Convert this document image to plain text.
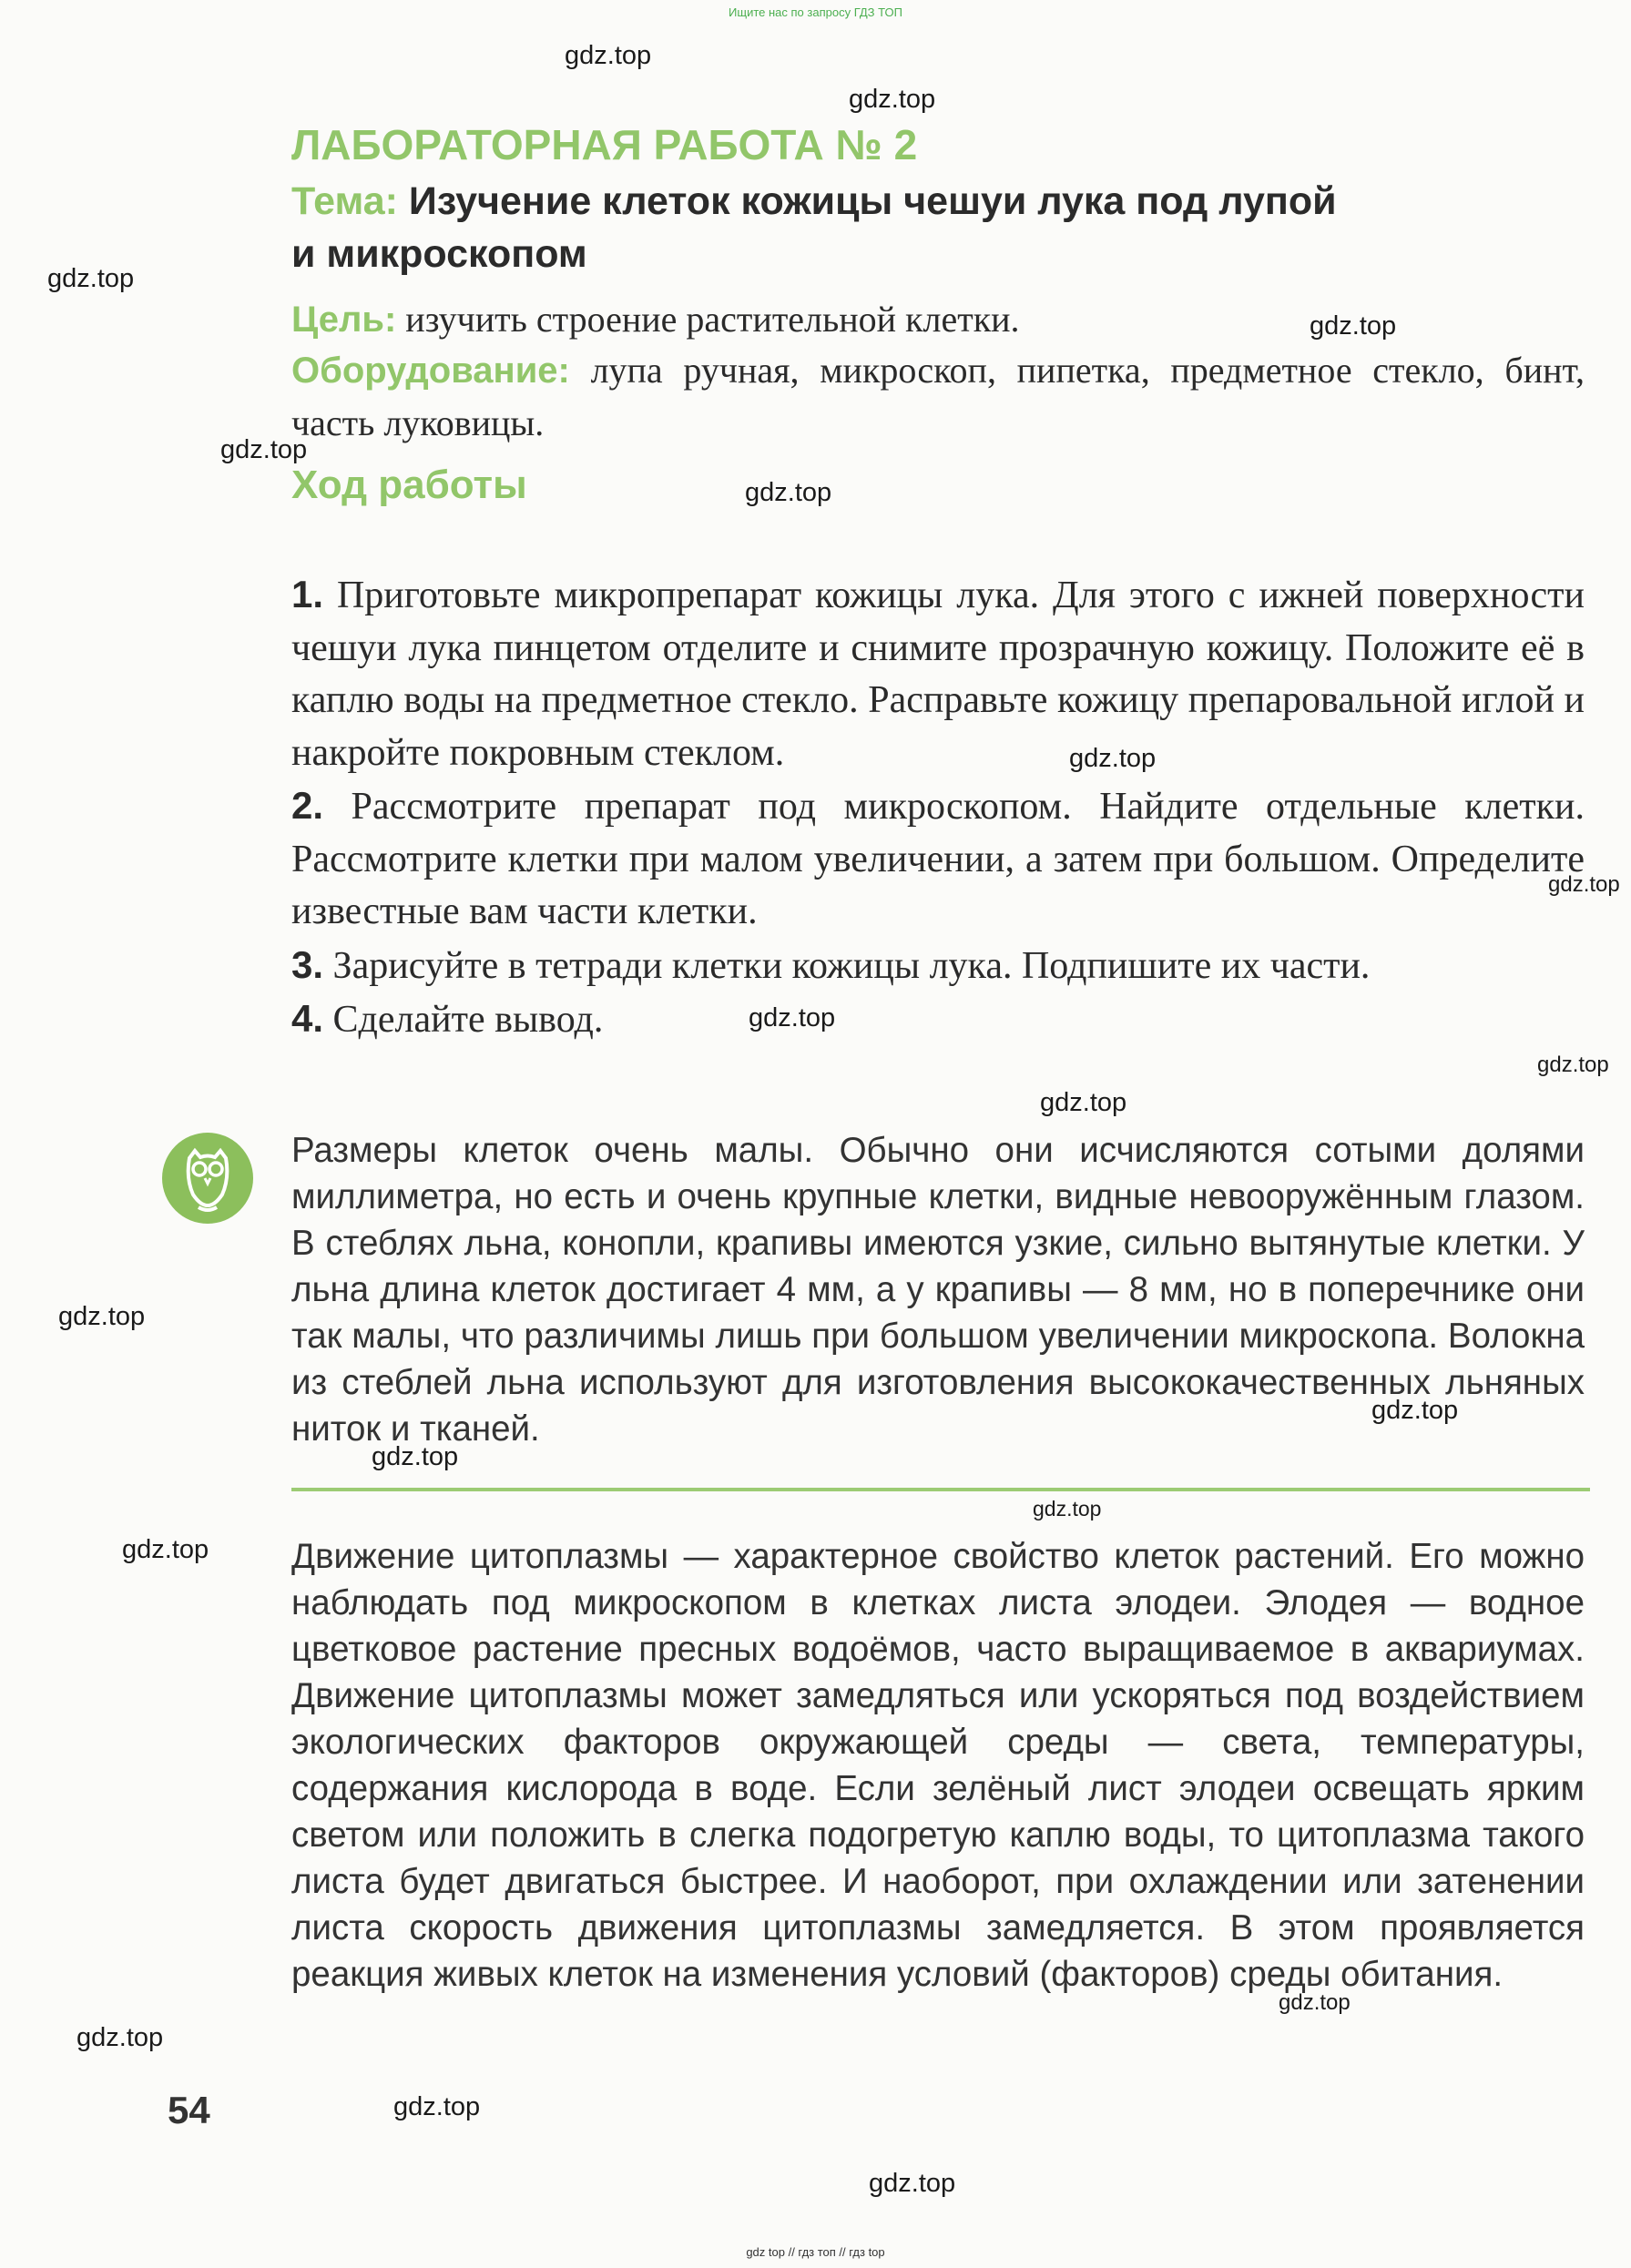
Ищите нас по запросу ГДЗ ТОП
gdz.top
gdz.top
gdz.top
gdz.top
gdz.top
gdz.top
gdz.top
gdz.top
gdz.top
gdz.top
gdz.top
gdz.top
gdz.top
gdz.top
gdz.top
gdz.top
gdz.top
gdz.top
gdz.top
gdz.top
ЛАБОРАТОРНАЯ РАБОТА № 2
Тема: Изучение клеток кожицы чешуи лука под лупой
и микроскопом
Цель: изучить строение растительной клетки.
Оборудование: лупа ручная, микроскоп, пипетка, предметное стекло, бинт, часть луковицы.
Ход работы

1. Приготовьте микропрепарат кожицы лука. Для этого с ижней поверхности чешуи лука пинцетом отделите и снимите прозрачную кожицу. Положите её в каплю воды на предметное стекло. Расправьте кожицу препаровальной иглой и накройте покровным стеклом.

2. Рассмотрите препарат под микроскопом. Найдите отдельные клетки. Рассмотрите клетки при малом увеличении, а затем при большом. Определите известные вам части клетки.

3. Зарисуйте в тетради клетки кожицы лука. Подпишите их части.

4. Сделайте вывод.

Размеры клеток очень малы. Обычно они исчисляются сотыми долями миллиметра, но есть и очень крупные клетки, видные невооружённым глазом. В стеблях льна, конопли, крапивы имеются узкие, сильно вытянутые клетки. У льна длина клеток достигает 4 мм, а у крапивы — 8 мм, но в поперечнике они так малы, что различимы лишь при большом увеличении микроскопа. Волокна из стеблей льна используют для изготовления высококачественных льняных ниток и тканей.
Движение цитоплазмы — характерное свойство клеток растений. Его можно наблюдать под микроскопом в клетках листа элодеи. Элодея — водное цветковое растение пресных водоёмов, часто выращиваемое в аквариумах. Движение цитоплазмы может замедляться или ускоряться под воздействием экологических факторов окружающей среды — света, температуры, содержания кислорода в воде. Если зелёный лист элодеи освещать ярким светом или положить в слегка подогретую каплю воды, то цитоплазма такого листа будет двигаться быстрее. И наоборот, при охлаждении или затенении листа скорость движения цитоплазмы замедляется. В этом проявляется реакция живых клеток на изменения условий (факторов) среды обитания.
54
gdz top // гдз топ // гдз top
